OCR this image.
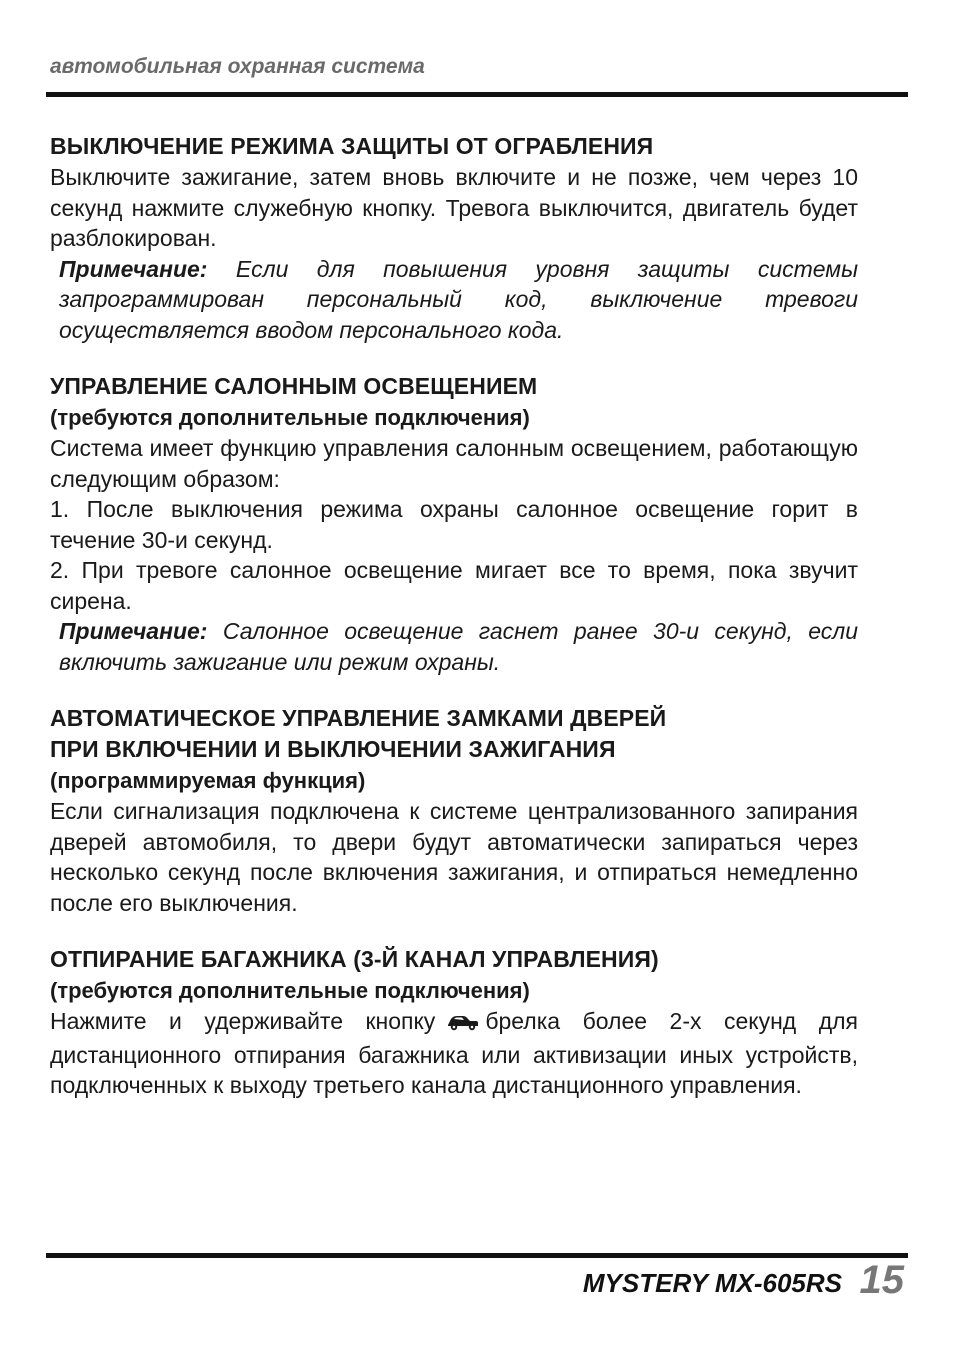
автомобильная охранная система

ВЫКЛЮЧЕНИЕ РЕЖИМА ЗАЩИТЫ ОТ ОГРАБЛЕНИЯ

Выключите зажигание, затем вновь включите и не позже, чем через 10 секунд нажмите служебную кнопку. Тревога выключится, двигатель будет разблокирован.

Примечание: Если для повышения уровня защиты системы запрограммирован персональный код, выключение тревоги осуществляется вводом персонального кода.

УПРАВЛЕНИЕ САЛОННЫМ ОСВЕЩЕНИЕМ

(требуются дополнительные подключения)

Система имеет функцию управления салонным освещением, работающую следующим образом:

1. После выключения режима охраны салонное освещение горит в течение 30-и секунд.

2. При тревоге салонное освещение мигает все то время, пока звучит сирена.

Примечание: Салонное освещение гаснет ранее 30-и секунд, если включить зажигание или режим охраны.

АВТОМАТИЧЕСКОЕ УПРАВЛЕНИЕ ЗАМКАМИ ДВЕРЕЙ

ПРИ ВКЛЮЧЕНИИ И ВЫКЛЮЧЕНИИ ЗАЖИГАНИЯ

(программируемая функция)

Если сигнализация подключена к системе централизованного запирания дверей автомобиля, то двери будут автоматически запираться через несколько секунд после включения зажигания, и отпираться немедленно после его выключения.

ОТПИРАНИЕ БАГАЖНИКА (3-Й КАНАЛ УПРАВЛЕНИЯ)

(требуются дополнительные подключения)

Нажмите и удерживайте кнопку брелка более 2-х секунд для дистанционного отпирания багажника или активизации иных устройств, подключенных к выходу третьего канала дистанционного управления.

MYSTERY MX-605RS 15
